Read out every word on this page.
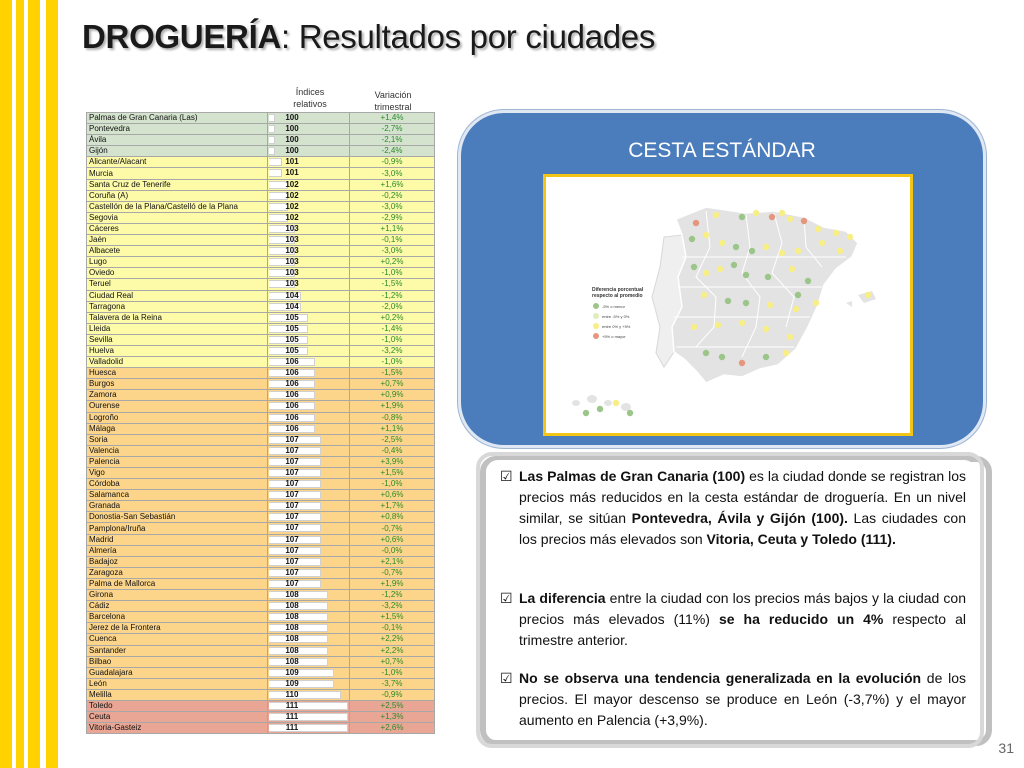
DROGUERÍA: Resultados por ciudades
Índices
relativos
Variación
trimestral
Palmas de Gran Canaria (Las)	100	+1,4%
Pontevedra	100	-2,7%
Ávila	100	-2,1%
Gijón	100	-2,4%
Alicante/Alacant	101	-0,9%
Murcia	101	-3,0%
Santa Cruz de Tenerife	102	+1,6%
Coruña (A)	102	-0,2%
Castellón de la Plana/Castelló de la Plana	102	-3,0%
Segovia	102	-2,9%
Cáceres	103	+1,1%
Jaén	103	-0,1%
Albacete	103	-3,0%
Lugo	103	+0,2%
Oviedo	103	-1,0%
Teruel	103	-1,5%
Ciudad Real	104	-1,2%
Tarragona	104	-2,0%
Talavera de la Reina	105	+0,2%
Lleida	105	-1,4%
Sevilla	105	-1,0%
Huelva	105	-3,2%
Valladolid	106	-1,0%
Huesca	106	-1,5%
Burgos	106	+0,7%
Zamora	106	+0,9%
Ourense	106	+1,9%
Logroño	106	-0,8%
Málaga	106	+1,1%
Soria	107	-2,5%
Valencia	107	-0,4%
Palencia	107	+3,9%
Vigo	107	+1,5%
Córdoba	107	-1,0%
Salamanca	107	+0,6%
Granada	107	+1,7%
Donostia-San Sebastián	107	+0,8%
Pamplona/Iruña	107	-0,7%
Madrid	107	+0,6%
Almería	107	-0,0%
Badajoz	107	+2,1%
Zaragoza	107	-0,7%
Palma de Mallorca	107	+1,9%
Girona	108	-1,2%
Cádiz	108	-3,2%
Barcelona	108	+1,5%
Jerez de la Frontera	108	-0,1%
Cuenca	108	+2,2%
Santander	108	+2,2%
Bilbao	108	+0,7%
Guadalajara	109	-1,0%
León	109	-3,7%
Melilla	110	-0,9%
Toledo	111	+2,5%
Ceuta	111	+1,3%
Vitoria-Gasteiz	111	+2,6%
CESTA ESTÁNDAR
Diferencia porcentual
respecto al promedio
-5% o menor
entre -5% y 0%
entre 0% y +5%
+5% o mayor
☑ Las Palmas de Gran Canaria (100) es la ciudad donde se registran los precios más reducidos en la cesta estándar de droguería. En un nivel similar, se sitúan Pontevedra, Ávila y Gijón (100). Las ciudades con los precios más elevados son Vitoria, Ceuta y Toledo (111).
☑ La diferencia entre la ciudad con los precios más bajos y la ciudad con precios más elevados (11%) se ha reducido un 4% respecto al trimestre anterior.
☑ No se observa una tendencia generalizada en la evolución de los precios. El mayor descenso se produce en León (-3,7%) y el mayor aumento en Palencia (+3,9%).
31
